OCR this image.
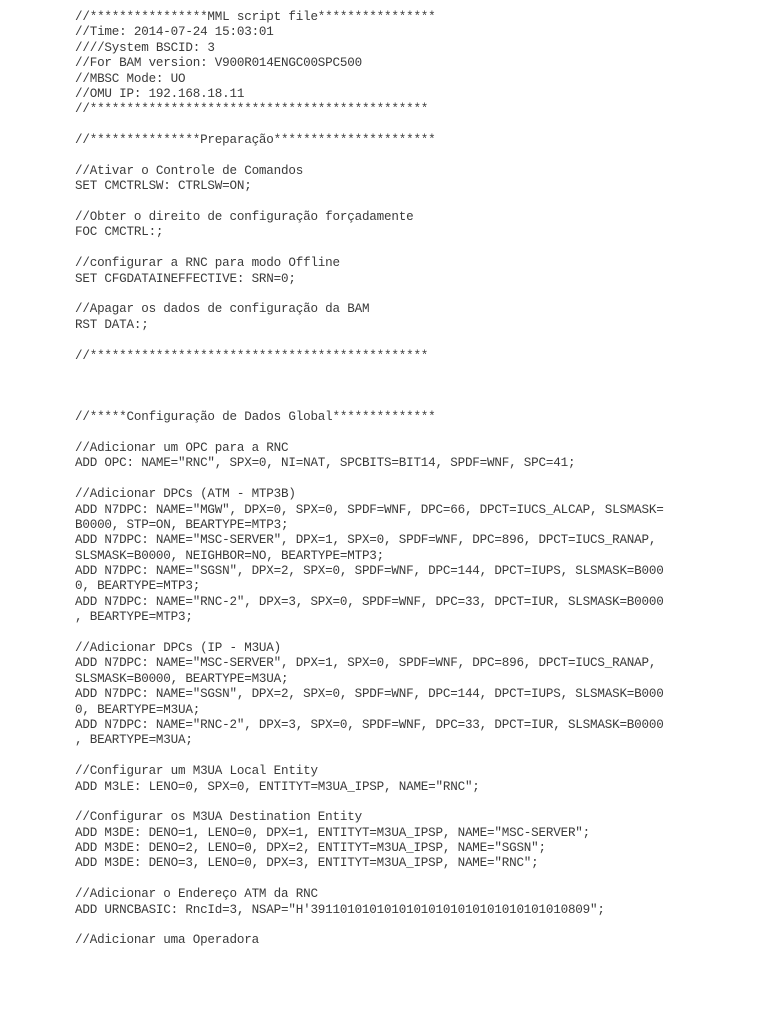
//****************MML script file****************
//Time: 2014-07-24 15:03:01
////System BSCID: 3
//For BAM version: V900R014ENGC00SPC500
//MBSC Mode: UO
//OMU IP: 192.168.18.11
//**********************************************
//***************Preparação**********************
//Ativar o Controle de Comandos
SET CMCTRLSW: CTRLSW=ON;
//Obter o direito de configuração forçadamente
FOC CMCTRL:;
//configurar a RNC para modo Offline
SET CFGDATAINEFFECTIVE: SRN=0;
//Apagar os dados de configuração da BAM
RST DATA:;
//**********************************************
//*****Configuração de Dados Global**************
//Adicionar um OPC para a RNC
ADD OPC: NAME="RNC", SPX=0, NI=NAT, SPCBITS=BIT14, SPDF=WNF, SPC=41;
//Adicionar DPCs (ATM - MTP3B)
ADD N7DPC: NAME="MGW", DPX=0, SPX=0, SPDF=WNF, DPC=66, DPCT=IUCS_ALCAP, SLSMASK=
B0000, STP=ON, BEARTYPE=MTP3;
ADD N7DPC: NAME="MSC-SERVER", DPX=1, SPX=0, SPDF=WNF, DPC=896, DPCT=IUCS_RANAP,
SLSMASK=B0000, NEIGHBOR=NO, BEARTYPE=MTP3;
ADD N7DPC: NAME="SGSN", DPX=2, SPX=0, SPDF=WNF, DPC=144, DPCT=IUPS, SLSMASK=B000
0, BEARTYPE=MTP3;
ADD N7DPC: NAME="RNC-2", DPX=3, SPX=0, SPDF=WNF, DPC=33, DPCT=IUR, SLSMASK=B0000
, BEARTYPE=MTP3;
//Adicionar DPCs (IP - M3UA)
ADD N7DPC: NAME="MSC-SERVER", DPX=1, SPX=0, SPDF=WNF, DPC=896, DPCT=IUCS_RANAP,
SLSMASK=B0000, BEARTYPE=M3UA;
ADD N7DPC: NAME="SGSN", DPX=2, SPX=0, SPDF=WNF, DPC=144, DPCT=IUPS, SLSMASK=B000
0, BEARTYPE=M3UA;
ADD N7DPC: NAME="RNC-2", DPX=3, SPX=0, SPDF=WNF, DPC=33, DPCT=IUR, SLSMASK=B0000
, BEARTYPE=M3UA;
//Configurar um M3UA Local Entity
ADD M3LE: LENO=0, SPX=0, ENTITYT=M3UA_IPSP, NAME="RNC";
//Configurar os M3UA Destination Entity
ADD M3DE: DENO=1, LENO=0, DPX=1, ENTITYT=M3UA_IPSP, NAME="MSC-SERVER";
ADD M3DE: DENO=2, LENO=0, DPX=2, ENTITYT=M3UA_IPSP, NAME="SGSN";
ADD M3DE: DENO=3, LENO=0, DPX=3, ENTITYT=M3UA_IPSP, NAME="RNC";
//Adicionar o Endereço ATM da RNC
ADD URNCBASIC: RncId=3, NSAP="H'39110101010101010101010101010101010809";
//Adicionar uma Operadora
